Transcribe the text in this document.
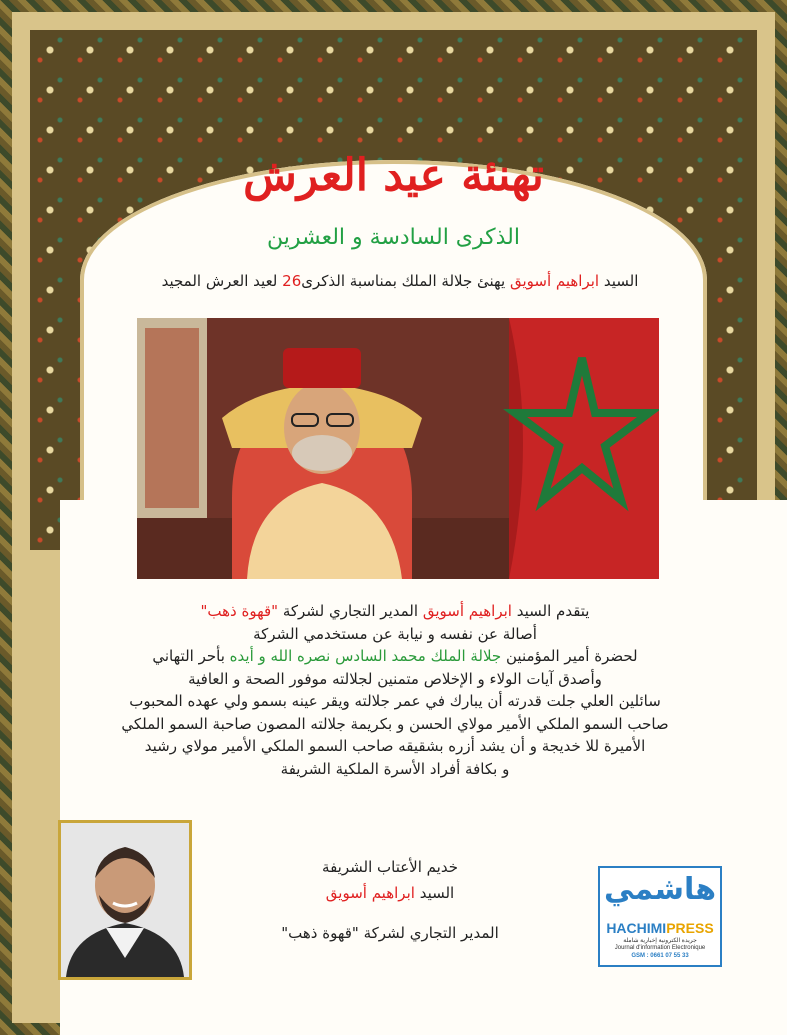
تهنئة عيد العرش
الذكرى السادسة و العشرين
السيد ابراهيم أسويق يهنئ جلالة الملك بمناسبة الذكرى26 لعيد العرش المجيد
يتقدم السيد ابراهيم أسويق المدير التجاري لشركة "قهوة ذهب"
أصالة عن نفسه و نيابة عن مستخدمي الشركة
لحضرة أمير المؤمنين جلالة الملك محمد السادس نصره الله و أيده بأحر التهاني
وأصدق آيات الولاء و الإخلاص متمنين لجلالته موفور الصحة و العافية
سائلين العلي جلت قدرته أن يبارك في عمر جلالته ويقر عينه بسمو ولي عهده المحبوب
صاحب السمو الملكي الأمير مولاي الحسن و بكريمة جلالته المصون صاحبة السمو الملكي
الأميرة للا خديجة و أن يشد أزره بشقيقه صاحب السمو الملكي الأمير مولاي رشيد
و بكافة أفراد الأسرة الملكية الشريفة
خديم الأعتاب الشريفة
السيد ابراهيم أسويق
المدير التجاري لشركة "قهوة ذهب"
هاشمي
HACHIMIPRESS
جريدة الكترونية إخبارية شاملة
Journal d'information Electronique
GSM : 0661 07 55 33
